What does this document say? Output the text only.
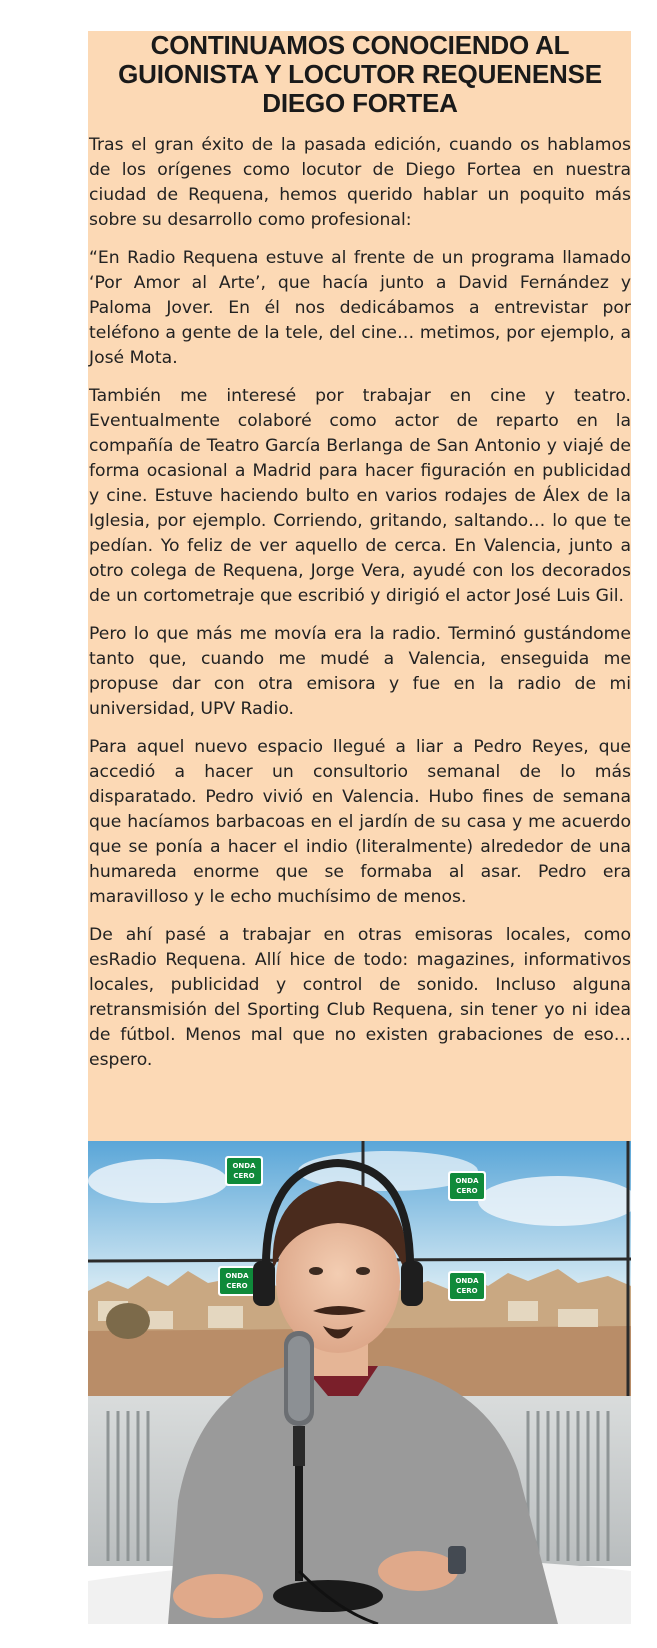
CONTINUAMOS CONOCIENDO AL
GUIONISTA Y LOCUTOR REQUENENSE
DIEGO FORTEA

Tras el gran éxito de la pasada edición, cuando os hablamos de los orígenes como locutor de Diego Fortea en nuestra ciudad de Requena, hemos querido hablar un poquito más sobre su desarrollo como profesional:

“En Radio Requena estuve al frente de un programa llamado ‘Por Amor al Arte’, que hacía junto a David Fernández y Paloma Jover. En él nos dedicábamos a entrevistar por teléfono a gente de la tele, del cine… metimos, por ejemplo, a José Mota.

También me interesé por trabajar en cine y teatro. Eventualmente colaboré como actor de reparto en la compañía de Teatro García Berlanga de San Antonio y viajé de forma ocasional a Madrid para hacer figuración en publicidad y cine. Estuve haciendo bulto en varios rodajes de Álex de la Iglesia, por ejemplo. Corriendo, gritando, saltando… lo que te pedían. Yo feliz de ver aquello de cerca. En Valencia, junto a otro colega de Requena, Jorge Vera, ayudé con los decorados de un cortometraje que escribió y dirigió el actor José Luis Gil.

Pero lo que más me movía era la radio. Terminó gustándome tanto que, cuando me mudé a Valencia, enseguida me propuse dar con otra emisora y fue en la radio de mi universidad, UPV Radio.

Para aquel nuevo espacio llegué a liar a Pedro Reyes, que accedió a hacer un consultorio semanal de lo más disparatado. Pedro vivió en Valencia. Hubo fines de semana que hacíamos barbacoas en el jardín de su casa y me acuerdo que se ponía a hacer el indio (literalmente) alrededor de una humareda enorme que se formaba al asar. Pedro era maravilloso y le echo muchísimo de menos.

De ahí pasé a trabajar en otras emisoras locales, como esRadio Requena. Allí hice de todo: magazines, informativos locales, publicidad y control de sonido. Incluso alguna retransmisión del Sporting Club Requena, sin tener yo ni idea de fútbol. Menos mal que no existen grabaciones de eso… espero.

ONDA
CERO
ONDA
CERO
ONDA
CERO
ONDA
CERO
